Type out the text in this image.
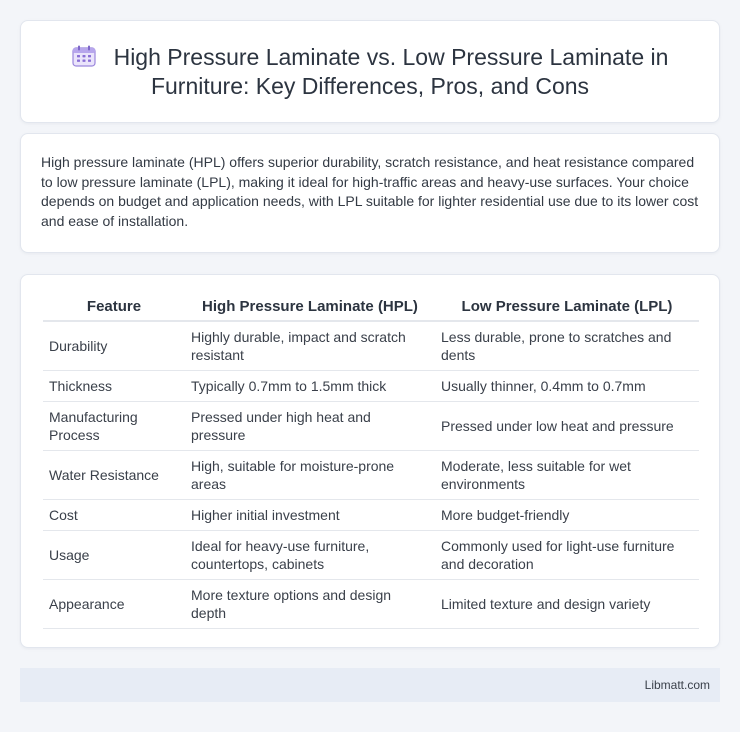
High Pressure Laminate vs. Low Pressure Laminate in Furniture: Key Differences, Pros, and Cons

High pressure laminate (HPL) offers superior durability, scratch resistance, and heat resistance compared to low pressure laminate (LPL), making it ideal for high-traffic areas and heavy-use surfaces. Your choice depends on budget and application needs, with LPL suitable for lighter residential use due to its lower cost and ease of installation.

Feature	High Pressure Laminate (HPL)	Low Pressure Laminate (LPL)
Durability	Highly durable, impact and scratch resistant	Less durable, prone to scratches and dents
Thickness	Typically 0.7mm to 1.5mm thick	Usually thinner, 0.4mm to 0.7mm
Manufacturing Process	Pressed under high heat and pressure	Pressed under low heat and pressure
Water Resistance	High, suitable for moisture-prone areas	Moderate, less suitable for wet environments
Cost	Higher initial investment	More budget-friendly
Usage	Ideal for heavy-use furniture, countertops, cabinets	Commonly used for light-use furniture and decoration
Appearance	More texture options and design depth	Limited texture and design variety
Libmatt.com
